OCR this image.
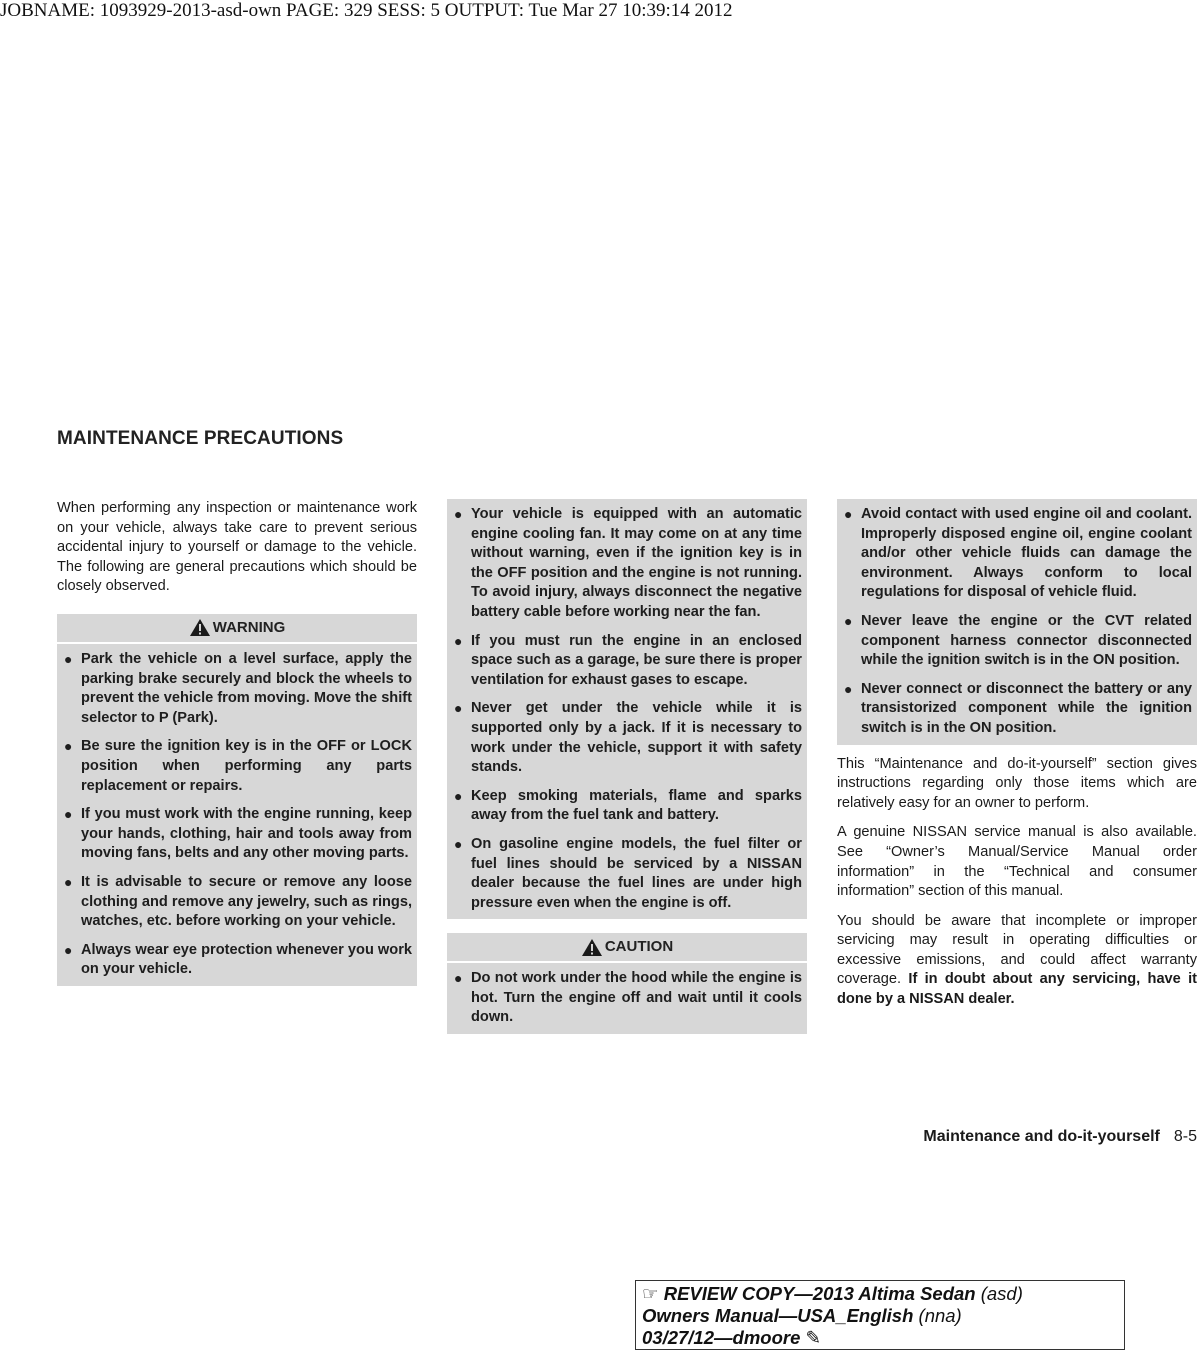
JOBNAME: 1093929-2013-asd-own PAGE: 329 SESS: 5 OUTPUT: Tue Mar 27 10:39:14 2012
MAINTENANCE PRECAUTIONS

When performing any inspection or maintenance work on your vehicle, always take care to prevent serious accidental injury to yourself or damage to the vehicle. The following are general precautions which should be closely observed.

WARNING
● Park the vehicle on a level surface, apply the parking brake securely and block the wheels to prevent the vehicle from moving. Move the shift selector to P (Park).
● Be sure the ignition key is in the OFF or LOCK position when performing any parts replacement or repairs.
● If you must work with the engine running, keep your hands, clothing, hair and tools away from moving fans, belts and any other moving parts.
● It is advisable to secure or remove any loose clothing and remove any jewelry, such as rings, watches, etc. before working on your vehicle.
● Always wear eye protection whenever you work on your vehicle.
● Your vehicle is equipped with an automatic engine cooling fan. It may come on at any time without warning, even if the ignition key is in the OFF position and the engine is not running. To avoid injury, always disconnect the negative battery cable before working near the fan.
● If you must run the engine in an enclosed space such as a garage, be sure there is proper ventilation for exhaust gases to escape.
● Never get under the vehicle while it is supported only by a jack. If it is necessary to work under the vehicle, support it with safety stands.
● Keep smoking materials, flame and sparks away from the fuel tank and battery.
● On gasoline engine models, the fuel filter or fuel lines should be serviced by a NISSAN dealer because the fuel lines are under high pressure even when the engine is off.
CAUTION
● Do not work under the hood while the engine is hot. Turn the engine off and wait until it cools down.
● Avoid contact with used engine oil and coolant. Improperly disposed engine oil, engine coolant and/or other vehicle fluids can damage the environment. Always conform to local regulations for disposal of vehicle fluid.
● Never leave the engine or the CVT related component harness connector disconnected while the ignition switch is in the ON position.
● Never connect or disconnect the battery or any transistorized component while the ignition switch is in the ON position.

This “Maintenance and do-it-yourself” section gives instructions regarding only those items which are relatively easy for an owner to perform.

A genuine NISSAN service manual is also available. See “Owner’s Manual/Service Manual order information” in the “Technical and consumer information” section of this manual.

You should be aware that incomplete or improper servicing may result in operating difficulties or excessive emissions, and could affect warranty coverage. If in doubt about any servicing, have it done by a NISSAN dealer.

Maintenance and do-it-yourself 8-5
☞ REVIEW COPY—2013 Altima Sedan (asd)
Owners Manual—USA_English (nna)
03/27/12—dmoore ✎
